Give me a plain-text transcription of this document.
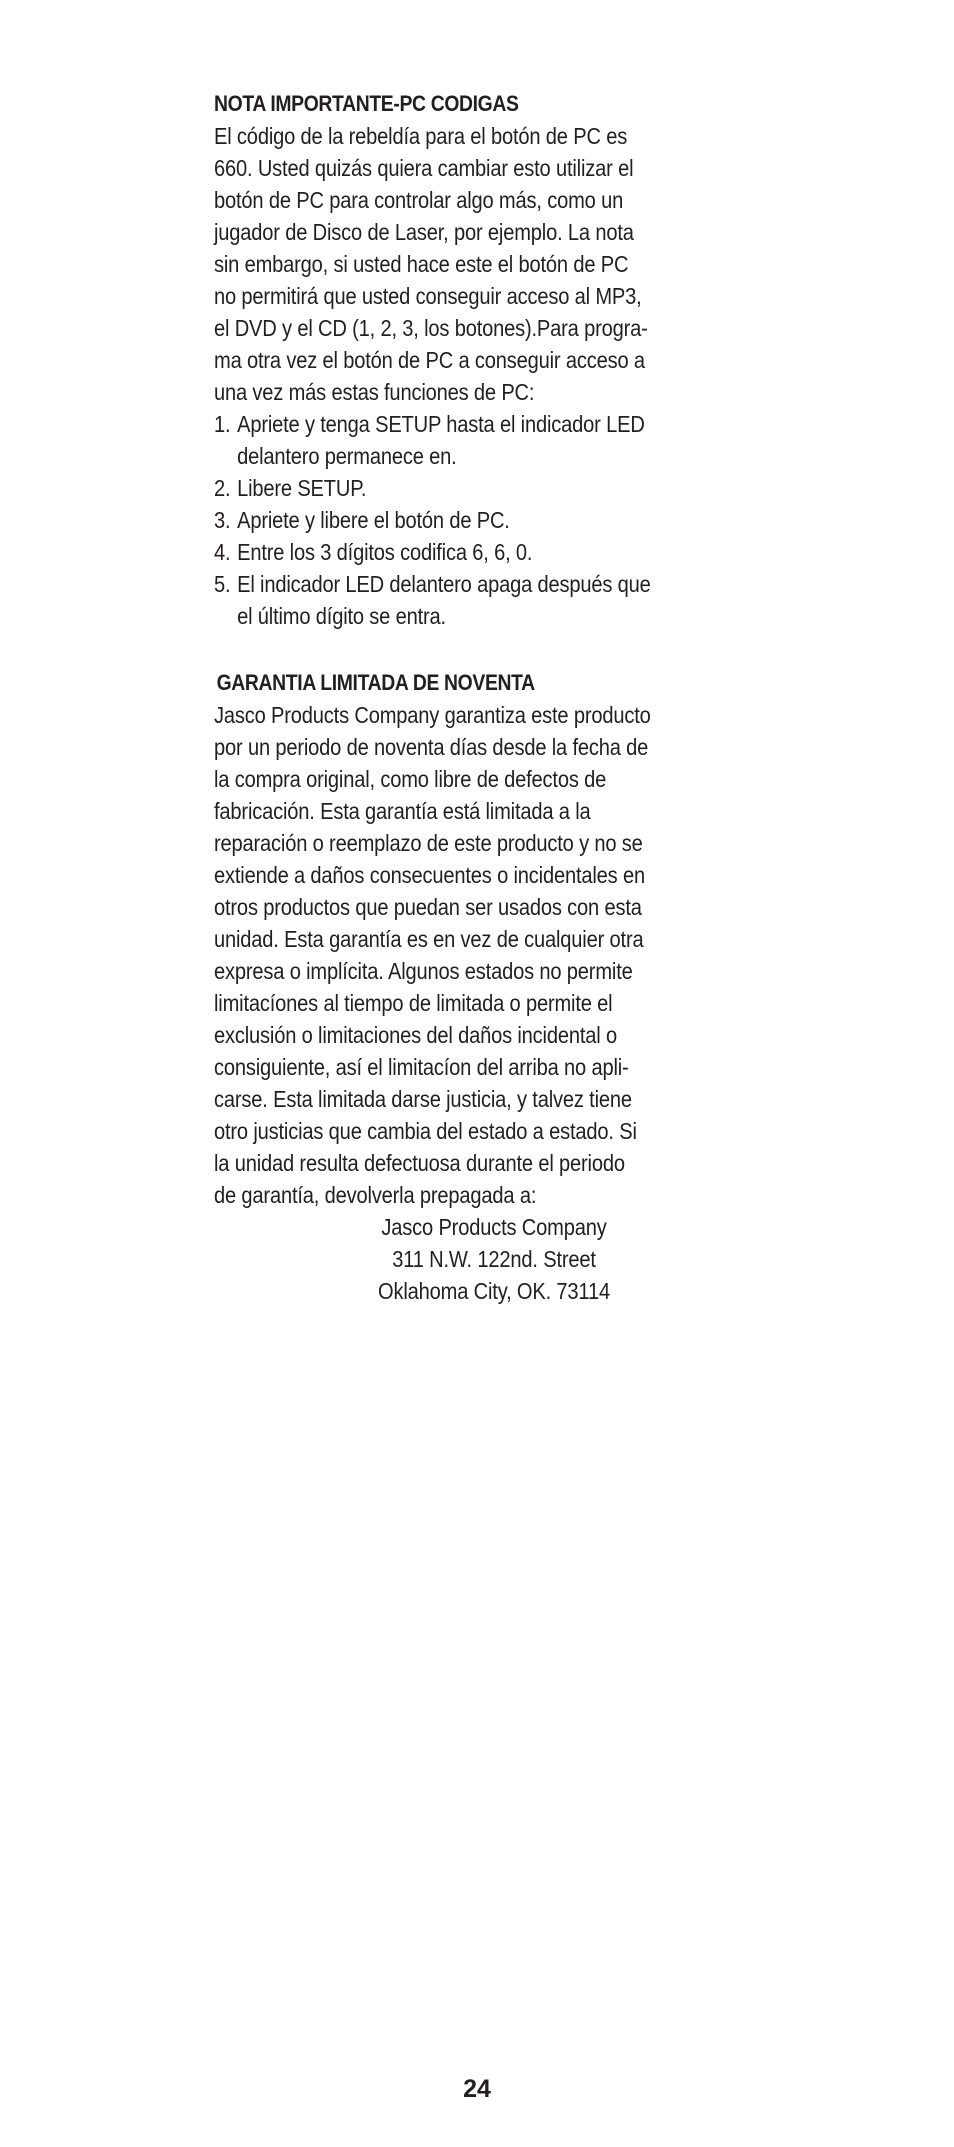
NOTA IMPORTANTE-PC CODIGAS
El código de la rebeldía para el botón de PC es
660. Usted quizás quiera cambiar esto utilizar el
botón de PC para controlar algo más, como un
jugador de Disco de Laser, por ejemplo. La nota
sin embargo, si usted hace este el botón de PC
no permitirá que usted conseguir acceso al MP3,
el DVD y el CD (1, 2, 3, los botones).Para progra-
ma otra vez el botón de PC a conseguir acceso a
una vez más estas funciones de PC:
1. Apriete y tenga SETUP hasta el indicador LED
delantero permanece en.
2. Libere SETUP.
3. Apriete y libere el botón de PC.
4. Entre los 3 dígitos codifica 6, 6, 0.
5. El indicador LED delantero apaga después que
el último dígito se entra.
GARANTIA LIMITADA DE NOVENTA
Jasco Products Company garantiza este producto
por un periodo de noventa días desde la fecha de
la compra original, como libre de defectos de
fabricación. Esta garantía está limitada a la
reparación o reemplazo de este producto y no se
extiende a daños consecuentes o incidentales en
otros productos que puedan ser usados con esta
unidad. Esta garantía es en vez de cualquier otra
expresa o implícita. Algunos estados no permite
limitacíones al tiempo de limitada o permite el
exclusión o limitaciones del daños incidental o
consiguiente, así el limitacíon del arriba no apli-
carse. Esta limitada darse justicia, y talvez tiene
otro justicias que cambia del estado a estado. Si
la unidad resulta defectuosa durante el periodo
de garantía, devolverla prepagada a:
Jasco Products Company
311 N.W. 122nd. Street
Oklahoma City, OK. 73114
24
